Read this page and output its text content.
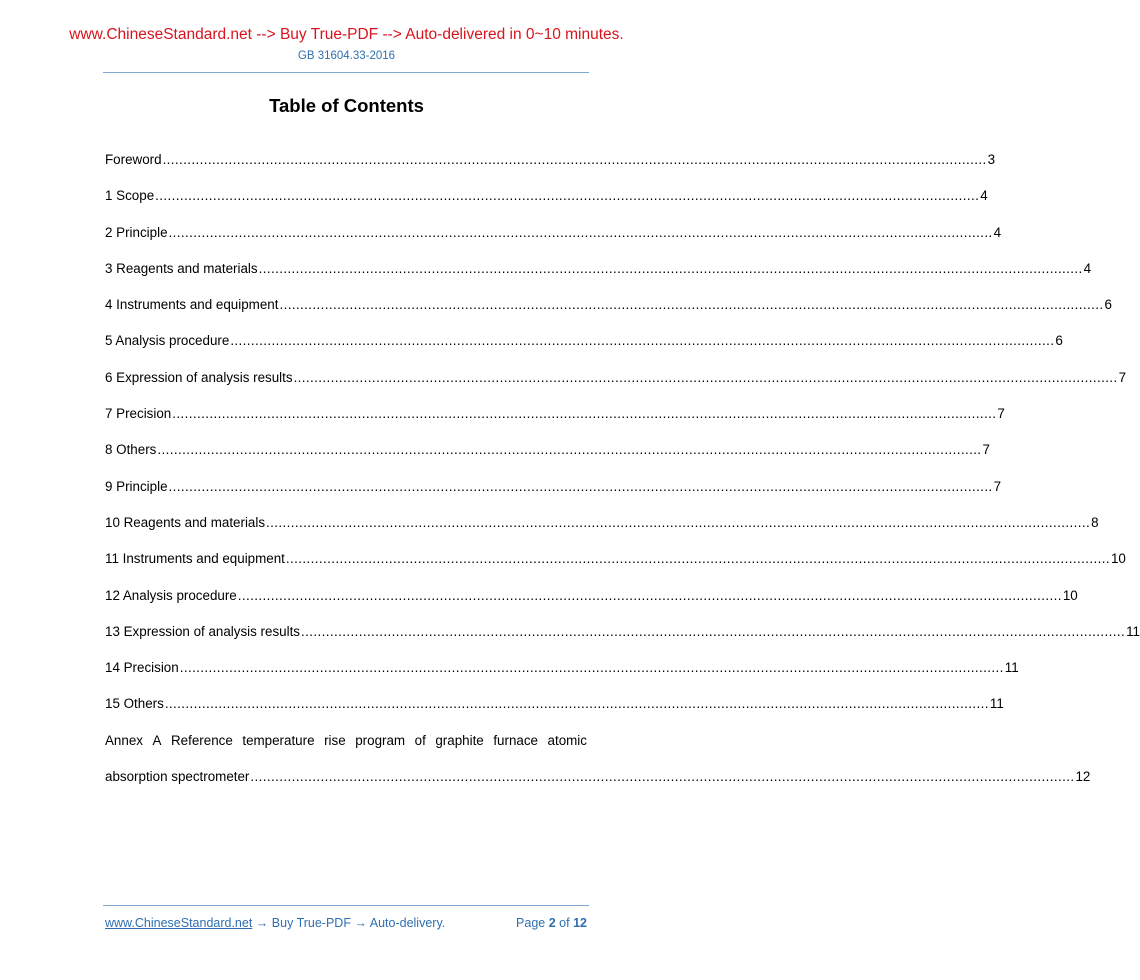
www.ChineseStandard.net --> Buy True-PDF --> Auto-delivered in 0~10 minutes.
GB 31604.33-2016
Table of Contents
Foreword ........................................................................................................................................................................................................ 3
1 Scope ........................................................................................................................................................................................................ 4
2 Principle ........................................................................................................................................................................................................ 4
3 Reagents and materials ........................................................................................................................................................................................................ 4
4 Instruments and equipment ........................................................................................................................................................................................................ 6
5 Analysis procedure ........................................................................................................................................................................................................ 6
6 Expression of analysis results ........................................................................................................................................................................................................ 7
7 Precision ........................................................................................................................................................................................................ 7
8 Others ........................................................................................................................................................................................................ 7
9 Principle ........................................................................................................................................................................................................ 7
10 Reagents and materials ........................................................................................................................................................................................................ 8
11 Instruments and equipment ........................................................................................................................................................................................................ 10
12 Analysis procedure ........................................................................................................................................................................................................ 10
13 Expression of analysis results ........................................................................................................................................................................................................ 11
14 Precision ........................................................................................................................................................................................................ 11
15 Others ........................................................................................................................................................................................................ 11
Annex A Reference temperature rise program of graphite furnace atomic
absorption spectrometer ........................................................................................................................................................................................................ 12
www.ChineseStandard.net → Buy True-PDF → Auto-delivery.	Page 2 of 12
